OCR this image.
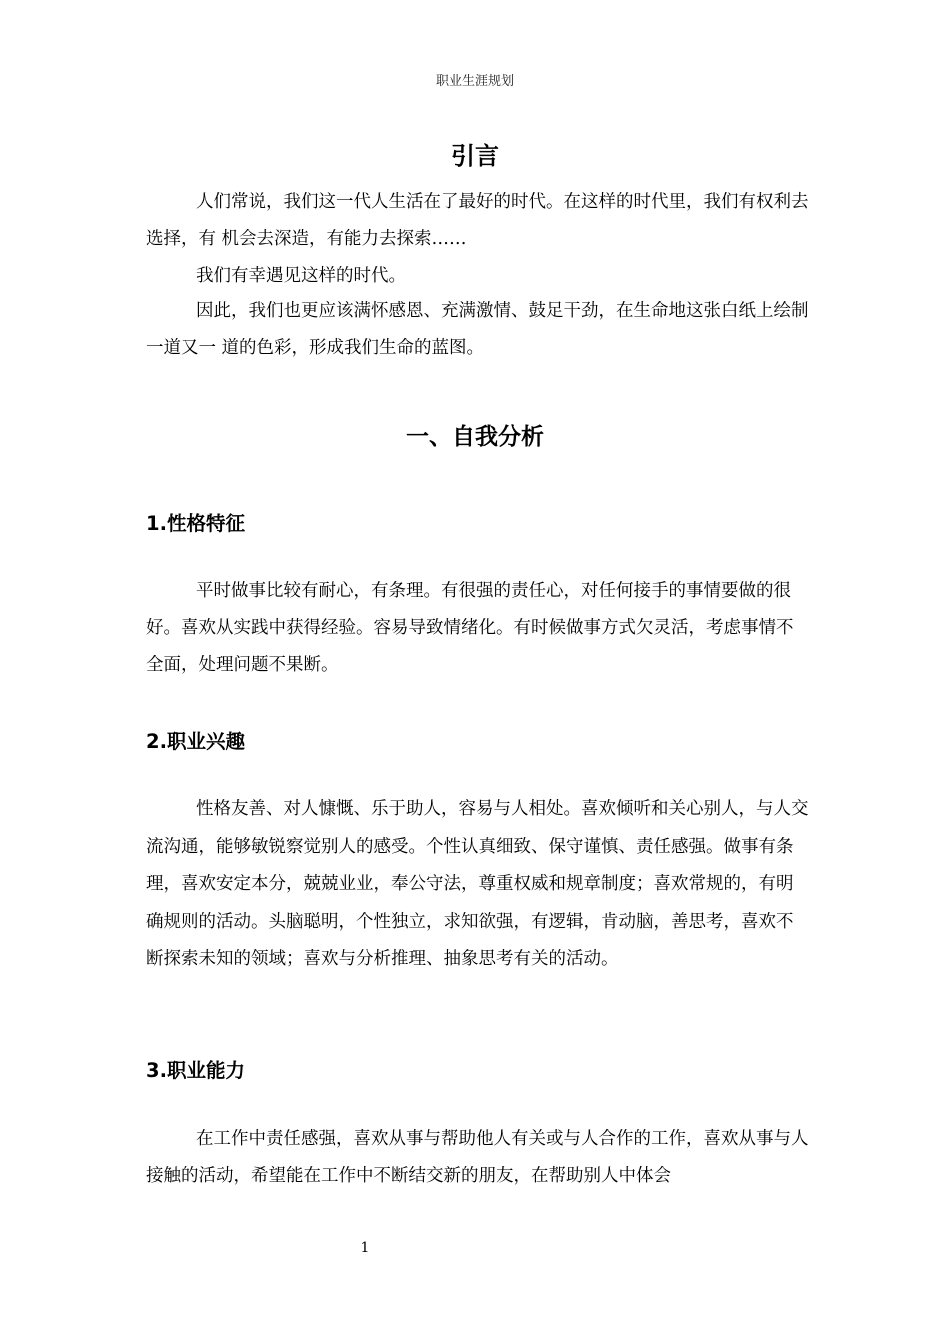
职业生涯规划
引言

人们常说，我们这一代人生活在了最好的时代。在这样的时代里，我们有权利去选择，有 机会去深造，有能力去探索……

我们有幸遇见这样的时代。

因此，我们也更应该满怀感恩、充满激情、鼓足干劲，在生命地这张白纸上绘制一道又一 道的色彩，形成我们生命的蓝图。

一、自我分析
1.性格特征

平时做事比较有耐心，有条理。有很强的责任心，对任何接手的事情要做的很好。喜欢从实践中获得经验。容易导致情绪化。有时候做事方式欠灵活，考虑事情不全面，处理问题不果断。

2.职业兴趣

性格友善、对人慷慨、乐于助人，容易与人相处。喜欢倾听和关心别人，与人交流沟通，能够敏锐察觉别人的感受。个性认真细致、保守谨慎、责任感强。做事有条理，喜欢安定本分，兢兢业业，奉公守法，尊重权威和规章制度；喜欢常规的，有明确规则的活动。头脑聪明，个性独立，求知欲强，有逻辑，肯动脑，善思考，喜欢不断探索未知的领域；喜欢与分析推理、抽象思考有关的活动。

3.职业能力

在工作中责任感强，喜欢从事与帮助他人有关或与人合作的工作，喜欢从事与人接触的活动，希望能在工作中不断结交新的朋友，在帮助别人中体会

1
